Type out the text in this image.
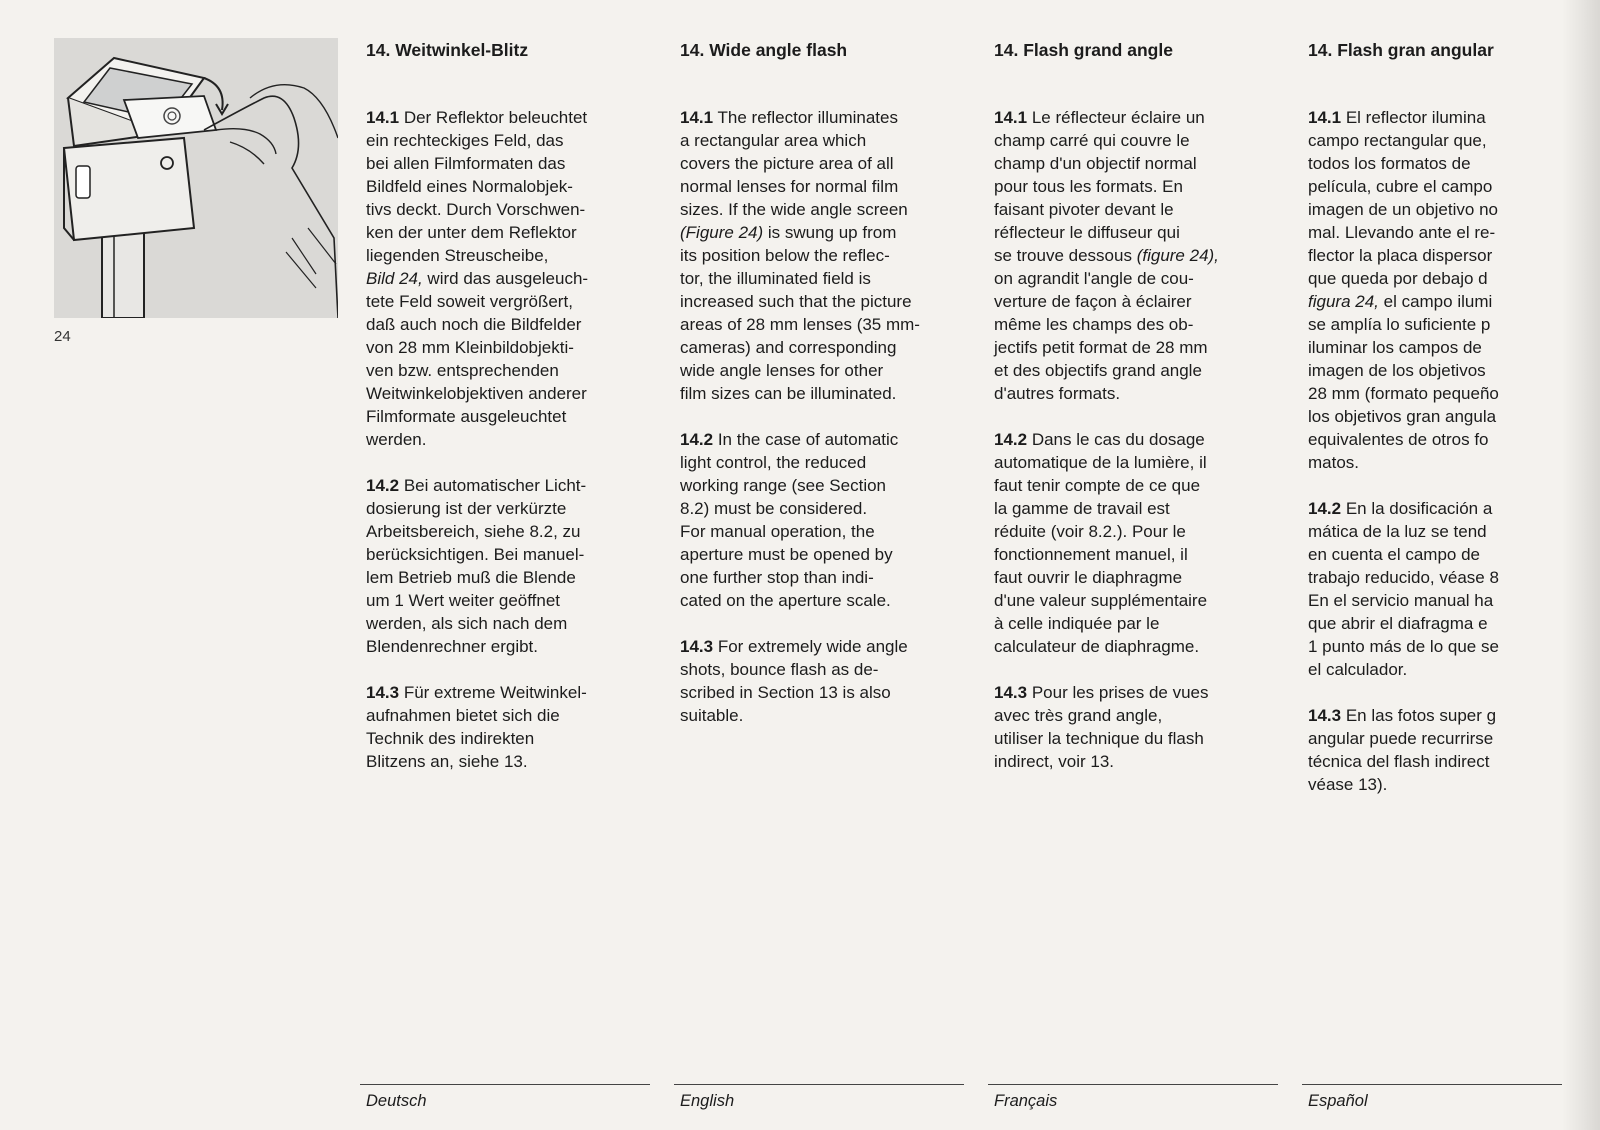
24
14. Weitwinkel-Blitz

14.1 Der Reflektor beleuchtet
ein rechteckiges Feld, das
bei allen Filmformaten das
Bildfeld eines Normalobjek-
tivs deckt. Durch Vorschwen-
ken der unter dem Reflektor
liegenden Streuscheibe,
Bild 24, wird das ausgeleuch-
tete Feld soweit vergrößert,
daß auch noch die Bildfelder
von 28 mm Kleinbildobjekti-
ven bzw. entsprechenden
Weitwinkelobjektiven anderer
Filmformate ausgeleuchtet
werden.

14.2 Bei automatischer Licht-
dosierung ist der verkürzte
Arbeitsbereich, siehe 8.2, zu
berücksichtigen. Bei manuel-
lem Betrieb muß die Blende
um 1 Wert weiter geöffnet
werden, als sich nach dem
Blendenrechner ergibt.

14.3 Für extreme Weitwinkel-
aufnahmen bietet sich die
Technik des indirekten
Blitzens an, siehe 13.

14. Wide angle flash

14.1 The reflector illuminates
a rectangular area which
covers the picture area of all
normal lenses for normal film
sizes. If the wide angle screen
(Figure 24) is swung up from
its position below the reflec-
tor, the illuminated field is
increased such that the picture
areas of 28 mm lenses (35 mm-
cameras) and corresponding
wide angle lenses for other
film sizes can be illuminated.

14.2 In the case of automatic
light control, the reduced
working range (see Section
8.2) must be considered.
For manual operation, the
aperture must be opened by
one further stop than indi-
cated on the aperture scale.

14.3 For extremely wide angle
shots, bounce flash as de-
scribed in Section 13 is also
suitable.

14. Flash grand angle

14.1 Le réflecteur éclaire un
champ carré qui couvre le
champ d'un objectif normal
pour tous les formats. En
faisant pivoter devant le
réflecteur le diffuseur qui
se trouve dessous (figure 24),
on agrandit l'angle de cou-
verture de façon à éclairer
même les champs des ob-
jectifs petit format de 28 mm
et des objectifs grand angle
d'autres formats.

14.2 Dans le cas du dosage
automatique de la lumière, il
faut tenir compte de ce que
la gamme de travail est
réduite (voir 8.2.). Pour le
fonctionnement manuel, il
faut ouvrir le diaphragme
d'une valeur supplémentaire
à celle indiquée par le
calculateur de diaphragme.

14.3 Pour les prises de vues
avec très grand angle,
utiliser la technique du flash
indirect, voir 13.

14. Flash gran angular

14.1 El reflector ilumina
campo rectangular que,
todos los formatos de
película, cubre el campo
imagen de un objetivo no
mal. Llevando ante el re-
flector la placa dispersor
que queda por debajo d
figura 24, el campo ilumi
se amplía lo suficiente p
iluminar los campos de
imagen de los objetivos
28 mm (formato pequeño
los objetivos gran angula
equivalentes de otros fo
matos.

14.2 En la dosificación a
mática de la luz se tend
en cuenta el campo de
trabajo reducido, véase 8
En el servicio manual ha
que abrir el diafragma e
1 punto más de lo que se
el calculador.

14.3 En las fotos super g
angular puede recurrirse
técnica del flash indirect
véase 13).

Deutsch	English	Français	Español
